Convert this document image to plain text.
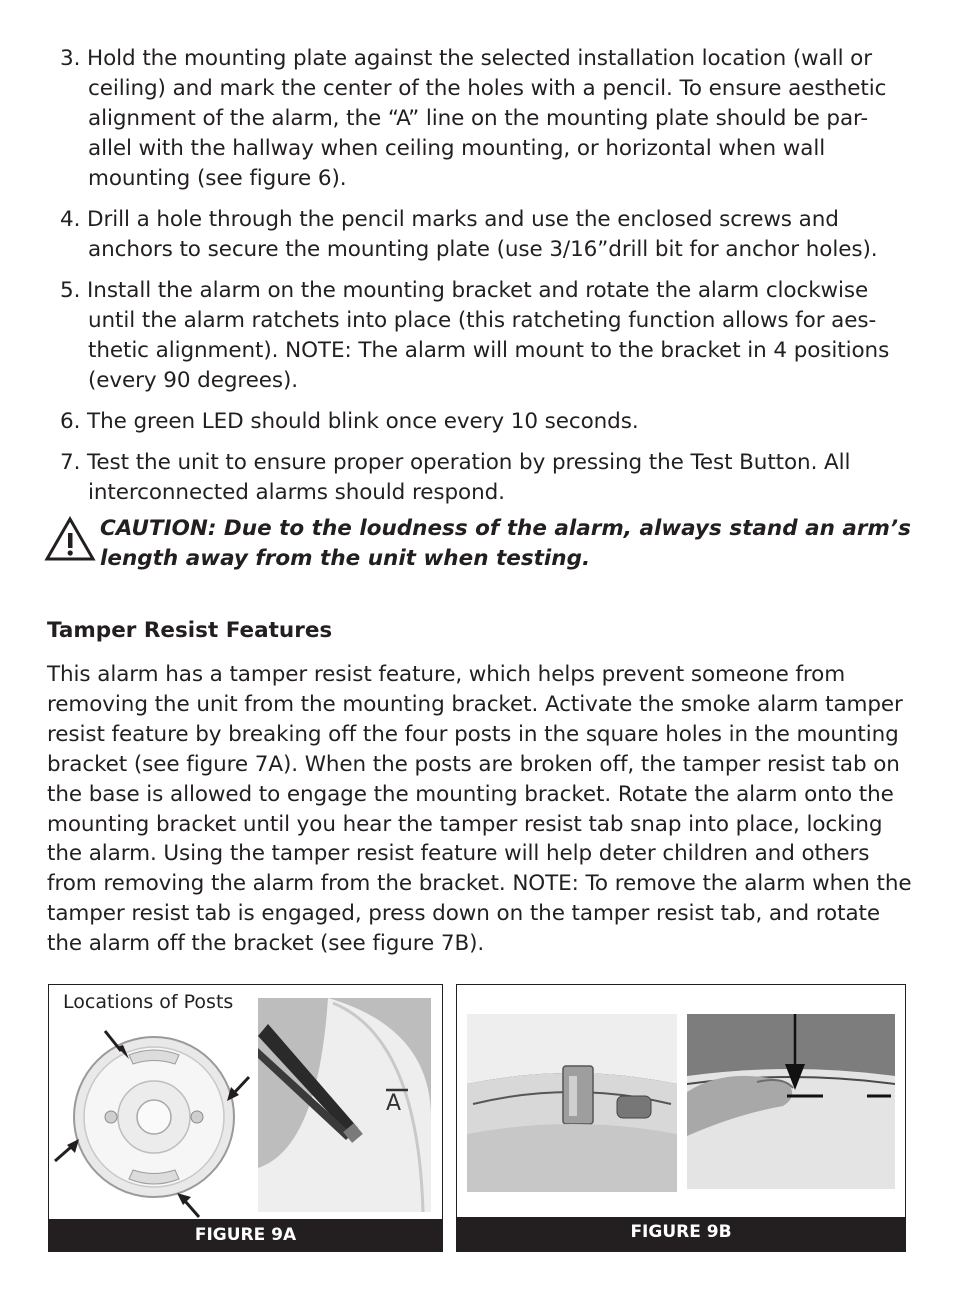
3. Hold the mounting plate against the selected installation location (wall or ceiling) and mark the center of the holes with a pencil. To ensure aesthetic alignment of the alarm, the “A” line on the mounting plate should be par-allel with the hallway when ceiling mounting, or horizontal when wall mounting (see figure 6).

4. Drill a hole through the pencil marks and use the enclosed screws and anchors to secure the mounting plate (use 3/16”drill bit for anchor holes).

5. Install the alarm on the mounting bracket and rotate the alarm clockwise until the alarm ratchets into place (this ratcheting function allows for aes-thetic alignment). NOTE: The alarm will mount to the bracket in 4 positions (every 90 degrees).

6. The green LED should blink once every 10 seconds.

7. Test the unit to ensure proper operation by pressing the Test Button. All interconnected alarms should respond.

CAUTION: Due to the loudness of the alarm, always stand an arm’s length away from the unit when testing.
Tamper Resist Features

This alarm has a tamper resist feature, which helps prevent someone from removing the unit from the mounting bracket. Activate the smoke alarm tamper resist feature by breaking off the four posts in the square holes in the mounting bracket (see figure 7A). When the posts are broken off, the tamper resist tab on the base is allowed to engage the mounting bracket. Rotate the alarm onto the mounting bracket until you hear the tamper resist tab snap into place, locking the alarm. Using the tamper resist feature will help deter children and others from removing the alarm from the bracket. NOTE: To remove the alarm when the tamper resist tab is engaged, press down on the tamper resist tab, and rotate the alarm off the bracket (see figure 7B).

Locations of Posts
A
FIGURE 9A	FIGURE 9B
